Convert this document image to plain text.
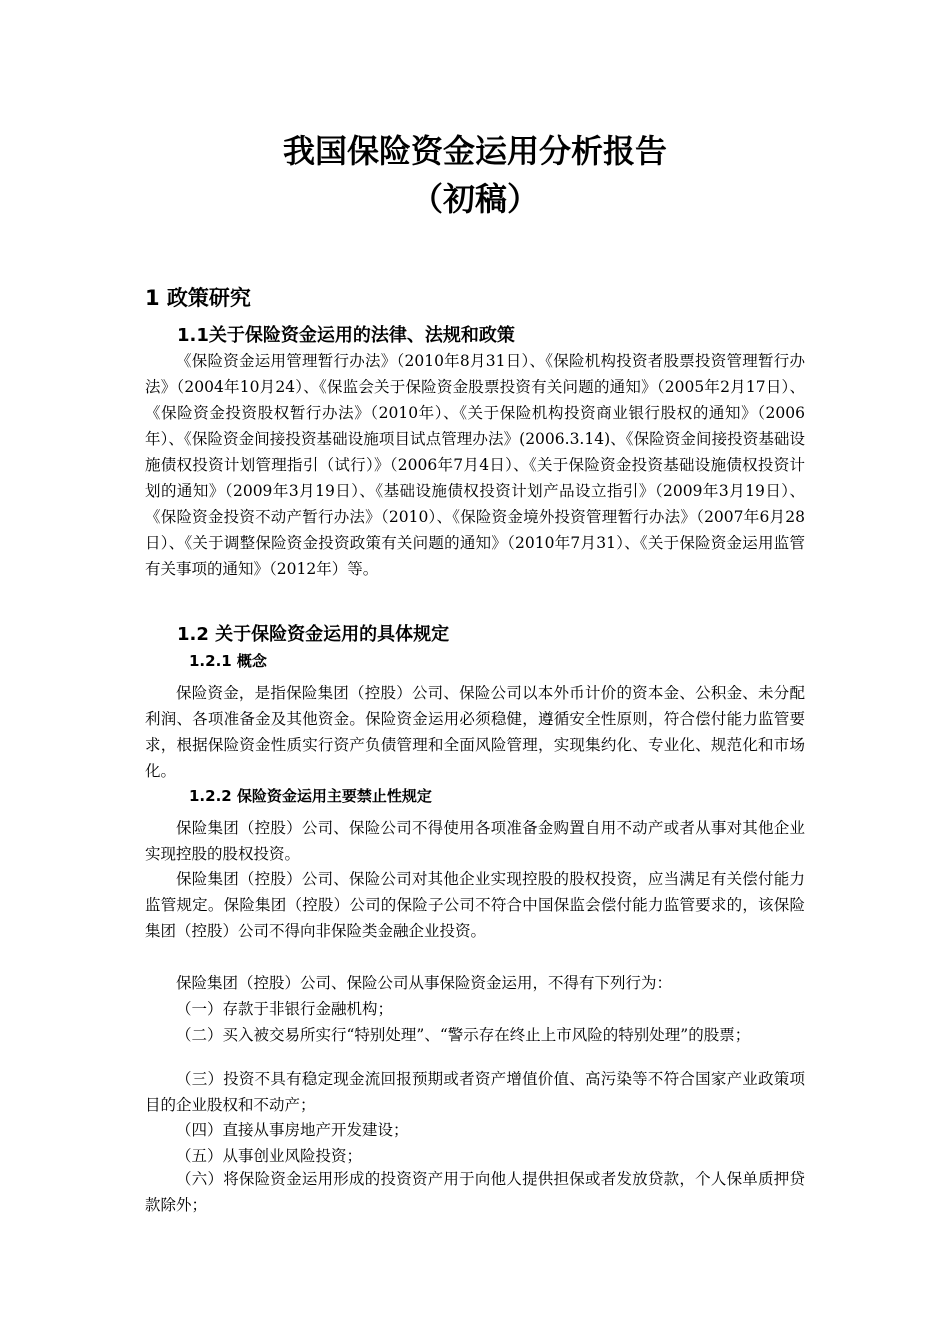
我国保险资金运用分析报告
（初稿）
1 政策研究
1.1关于保险资金运用的法律、法规和政策

《保险资金运用管理暂行办法》（2010年8月31日）、《保险机构投资者股票投资管理暂行办法》（2004年10月24）、《保监会关于保险资金股票投资有关问题的通知》（2005年2月17日）、《保险资金投资股权暂行办法》（2010年）、《关于保险机构投资商业银行股权的通知》（2006年）、《保险资金间接投资基础设施项目试点管理办法》(2006.3.14)、《保险资金间接投资基础设施债权投资计划管理指引（试行）》（2006年7月4日）、《关于保险资金投资基础设施债权投资计划的通知》（2009年3月19日）、《基础设施债权投资计划产品设立指引》（2009年3月19日）、《保险资金投资不动产暂行办法》（2010）、《保险资金境外投资管理暂行办法》（2007年6月28日）、《关于调整保险资金投资政策有关问题的通知》（2010年7月31）、《关于保险资金运用监管有关事项的通知》（2012年）等。

1.2 关于保险资金运用的具体规定
1.2.1 概念

保险资金，是指保险集团（控股）公司、保险公司以本外币计价的资本金、公积金、未分配利润、各项准备金及其他资金。保险资金运用必须稳健，遵循安全性原则，符合偿付能力监管要求，根据保险资金性质实行资产负债管理和全面风险管理，实现集约化、专业化、规范化和市场化。

1.2.2 保险资金运用主要禁止性规定

保险集团（控股）公司、保险公司不得使用各项准备金购置自用不动产或者从事对其他企业实现控股的股权投资。

保险集团（控股）公司、保险公司对其他企业实现控股的股权投资，应当满足有关偿付能力监管规定。保险集团（控股）公司的保险子公司不符合中国保监会偿付能力监管要求的，该保险集团（控股）公司不得向非保险类金融企业投资。

保险集团（控股）公司、保险公司从事保险资金运用，不得有下列行为：

（一）存款于非银行金融机构；

（二）买入被交易所实行“特别处理”、“警示存在终止上市风险的特别处理”的股票；

（三）投资不具有稳定现金流回报预期或者资产增值价值、高污染等不符合国家产业政策项目的企业股权和不动产；

（四）直接从事房地产开发建设；

（五）从事创业风险投资；

（六）将保险资金运用形成的投资资产用于向他人提供担保或者发放贷款，个人保单质押贷款除外；
